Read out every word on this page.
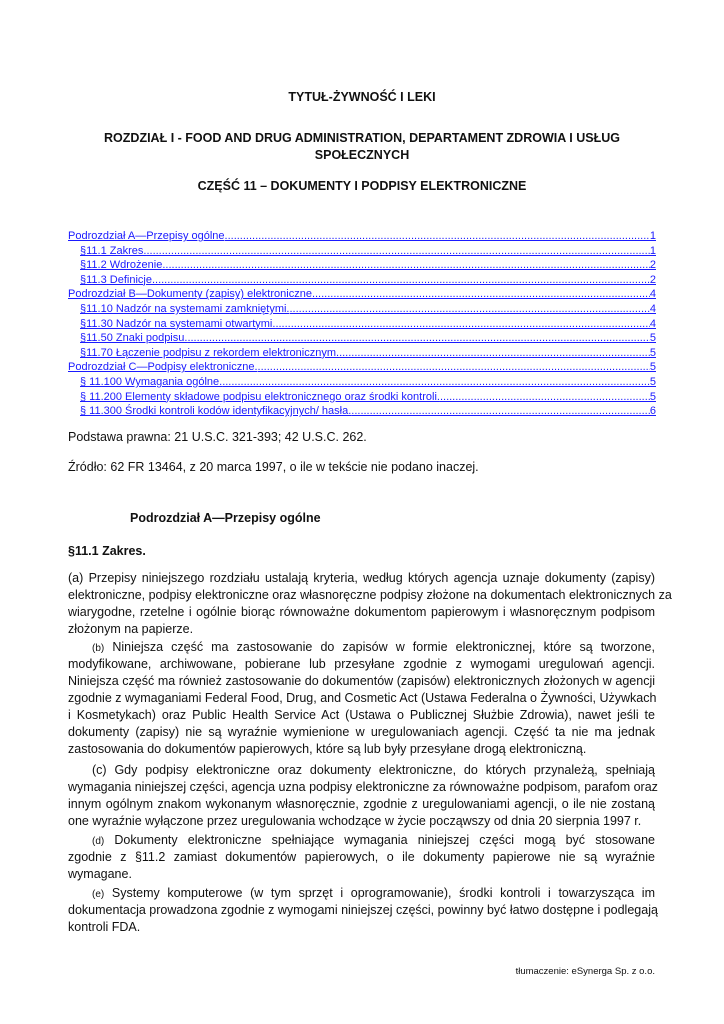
TYTUŁ-ŻYWNOŚĆ I LEKI
ROZDZIAŁ I - FOOD AND DRUG ADMINISTRATION, DEPARTAMENT ZDROWIA I USŁUG
SPOŁECZNYCH
CZĘŚĆ 11 – DOKUMENTY I PODPISY ELEKTRONICZNE
Podrozdział A—Przepisy ogólne .....	1
§11.1 Zakres. .....	1
§11.2 Wdrożenie. .....	2
§11.3 Definicje. .....	2
Podrozdział B—Dokumenty (zapisy) elektroniczne .....	4
§11.10 Nadzór na systemami zamkniętymi. .....	4
§11.30 Nadzór na systemami otwartymi. .....	4
§11.50 Znaki podpisu. .....	5
§11.70 Łączenie podpisu z rekordem elektronicznym. .....	5
Podrozdział C—Podpisy elektroniczne. .....	5
§ 11.100 Wymagania ogólne. .....	5
§ 11.200 Elementy składowe podpisu elektronicznego oraz środki kontroli. .....	5
§ 11.300 Środki kontroli kodów identyfikacyjnych/ hasła. .....	6
Podstawa prawna: 21 U.S.C. 321-393; 42 U.S.C. 262.
Źródło: 62 FR 13464, z 20 marca 1997, o ile w tekście nie podano inaczej.
Podrozdział A—Przepisy ogólne
§11.1 Zakres.
(a) Przepisy niniejszego rozdziału ustalają kryteria, według których agencja uznaje dokumenty (zapisy)
elektroniczne, podpisy elektroniczne oraz własnoręczne podpisy złożone na dokumentach elektronicznych za
wiarygodne, rzetelne i ogólnie biorąc równoważne dokumentom papierowym i własnoręcznym podpisom
złożonym na papierze.
(b) Niniejsza część ma zastosowanie do zapisów w formie elektronicznej, które są tworzone,
modyfikowane, archiwowane, pobierane lub przesyłane zgodnie z wymogami uregulowań agencji.
Niniejsza część ma również zastosowanie do dokumentów (zapisów) elektronicznych złożonych w agencji
zgodnie z wymaganiami Federal Food, Drug, and Cosmetic Act (Ustawa Federalna o Żywności, Używkach
i Kosmetykach) oraz Public Health Service Act (Ustawa o Publicznej Służbie Zdrowia), nawet jeśli te
dokumenty (zapisy) nie są wyraźnie wymienione w uregulowaniach agencji. Część ta nie ma jednak
zastosowania do dokumentów papierowych, które są lub były przesyłane drogą elektroniczną.
(c) Gdy podpisy elektroniczne oraz dokumenty elektroniczne, do których przynależą, spełniają
wymagania niniejszej części, agencja uzna podpisy elektroniczne za równoważne podpisom, parafom oraz
innym ogólnym znakom wykonanym własnoręcznie, zgodnie z uregulowaniami agencji, o ile nie zostaną
one wyraźnie wyłączone przez uregulowania wchodzące w życie począwszy od dnia 20 sierpnia 1997 r.
(d) Dokumenty elektroniczne spełniające wymagania niniejszej części mogą być stosowane
zgodnie z §11.2 zamiast dokumentów papierowych, o ile dokumenty papierowe nie są wyraźnie
wymagane.
(e) Systemy komputerowe (w tym sprzęt i oprogramowanie), środki kontroli i towarzysząca im
dokumentacja prowadzona zgodnie z wymogami niniejszej części, powinny być łatwo dostępne i podlegają
kontroli FDA.
tłumaczenie: eSynerga Sp. z o.o.
